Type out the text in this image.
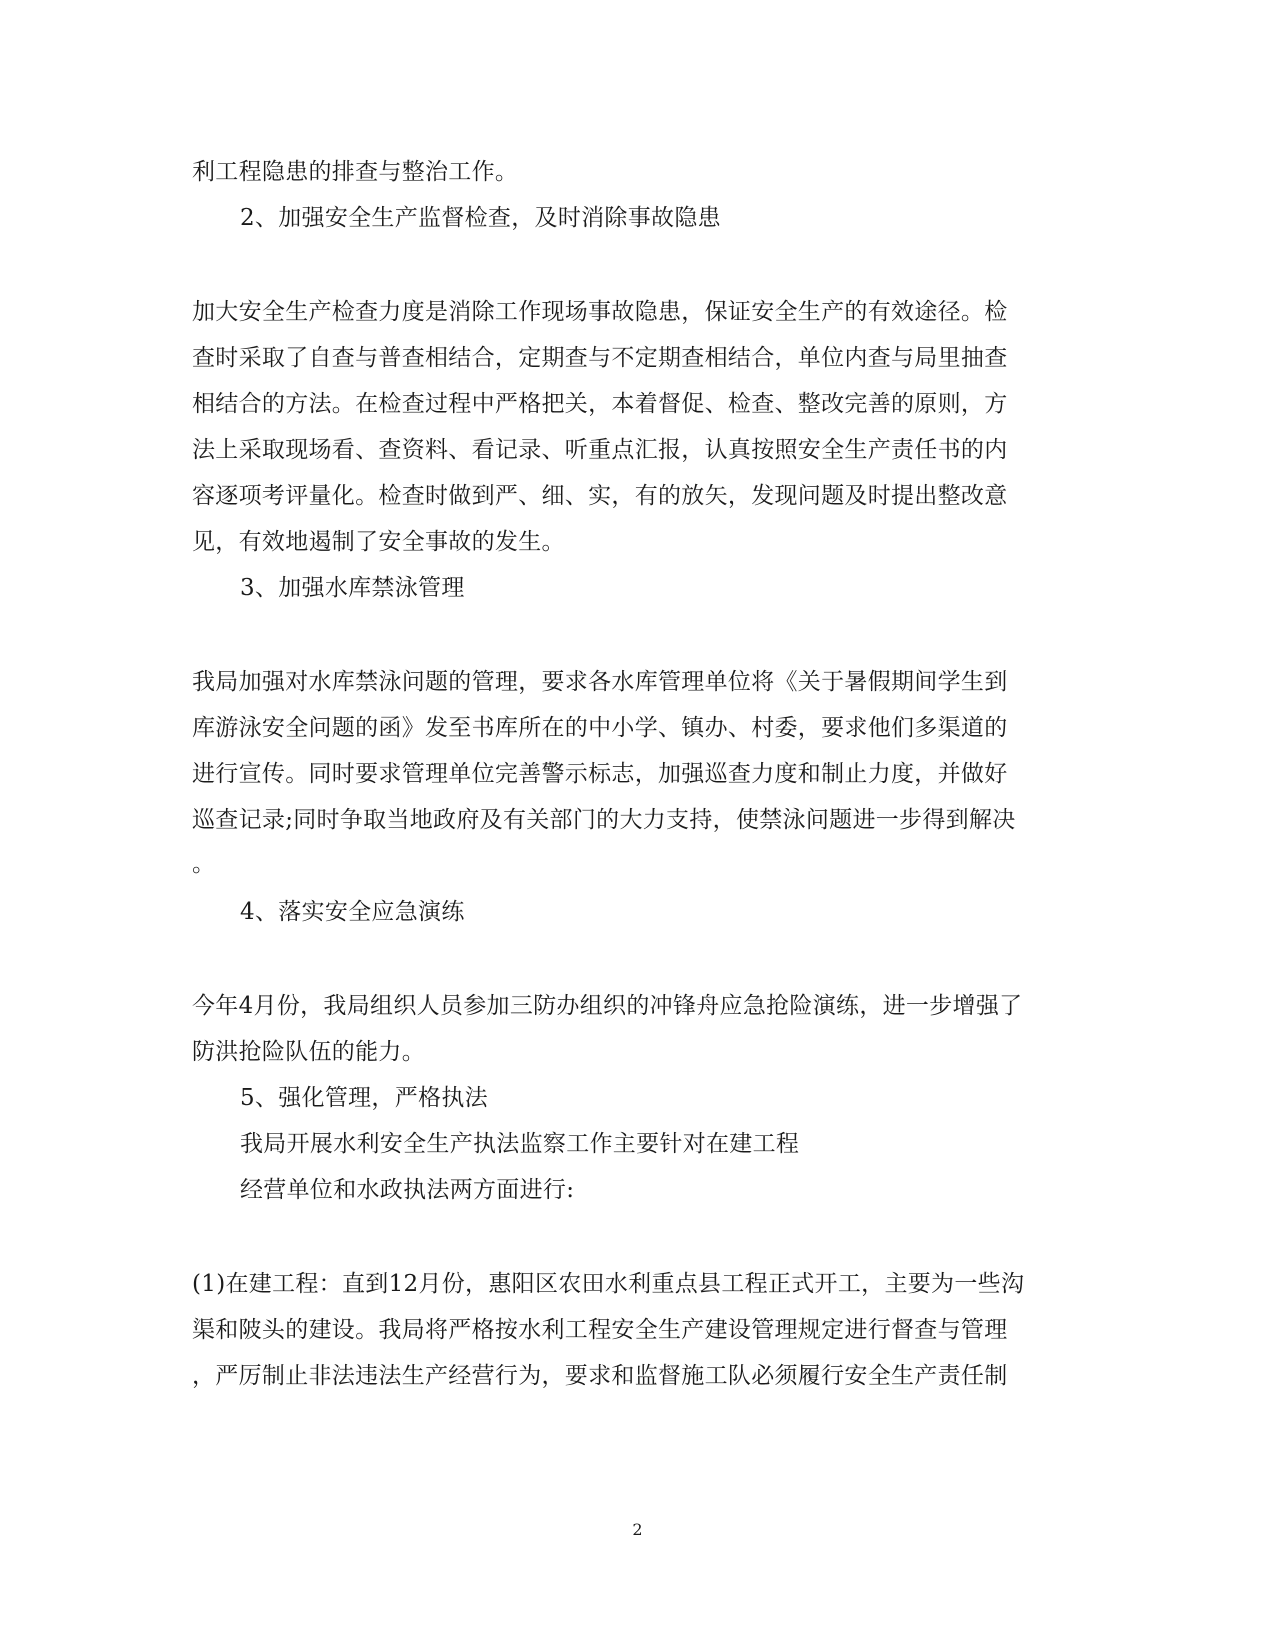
利工程隐患的排查与整治工作。
2、加强安全生产监督检查，及时消除事故隐患
加大安全生产检查力度是消除工作现场事故隐患，保证安全生产的有效途径。检
查时采取了自查与普查相结合，定期查与不定期查相结合，单位内查与局里抽查
相结合的方法。在检查过程中严格把关，本着督促、检查、整改完善的原则，方
法上采取现场看、查资料、看记录、听重点汇报，认真按照安全生产责任书的内
容逐项考评量化。检查时做到严、细、实，有的放矢，发现问题及时提出整改意
见，有效地遏制了安全事故的发生。
3、加强水库禁泳管理
我局加强对水库禁泳问题的管理，要求各水库管理单位将《关于暑假期间学生到
库游泳安全问题的函》发至书库所在的中小学、镇办、村委，要求他们多渠道的
进行宣传。同时要求管理单位完善警示标志，加强巡查力度和制止力度，并做好
巡查记录;同时争取当地政府及有关部门的大力支持，使禁泳问题进一步得到解决
。
4、落实安全应急演练
今年4月份，我局组织人员参加三防办组织的冲锋舟应急抢险演练，进一步增强了
防洪抢险队伍的能力。
5、强化管理，严格执法
我局开展水利安全生产执法监察工作主要针对在建工程
经营单位和水政执法两方面进行:
(1)在建工程：直到12月份，惠阳区农田水利重点县工程正式开工，主要为一些沟
渠和陂头的建设。我局将严格按水利工程安全生产建设管理规定进行督查与管理
，严厉制止非法违法生产经营行为，要求和监督施工队必须履行安全生产责任制
2
